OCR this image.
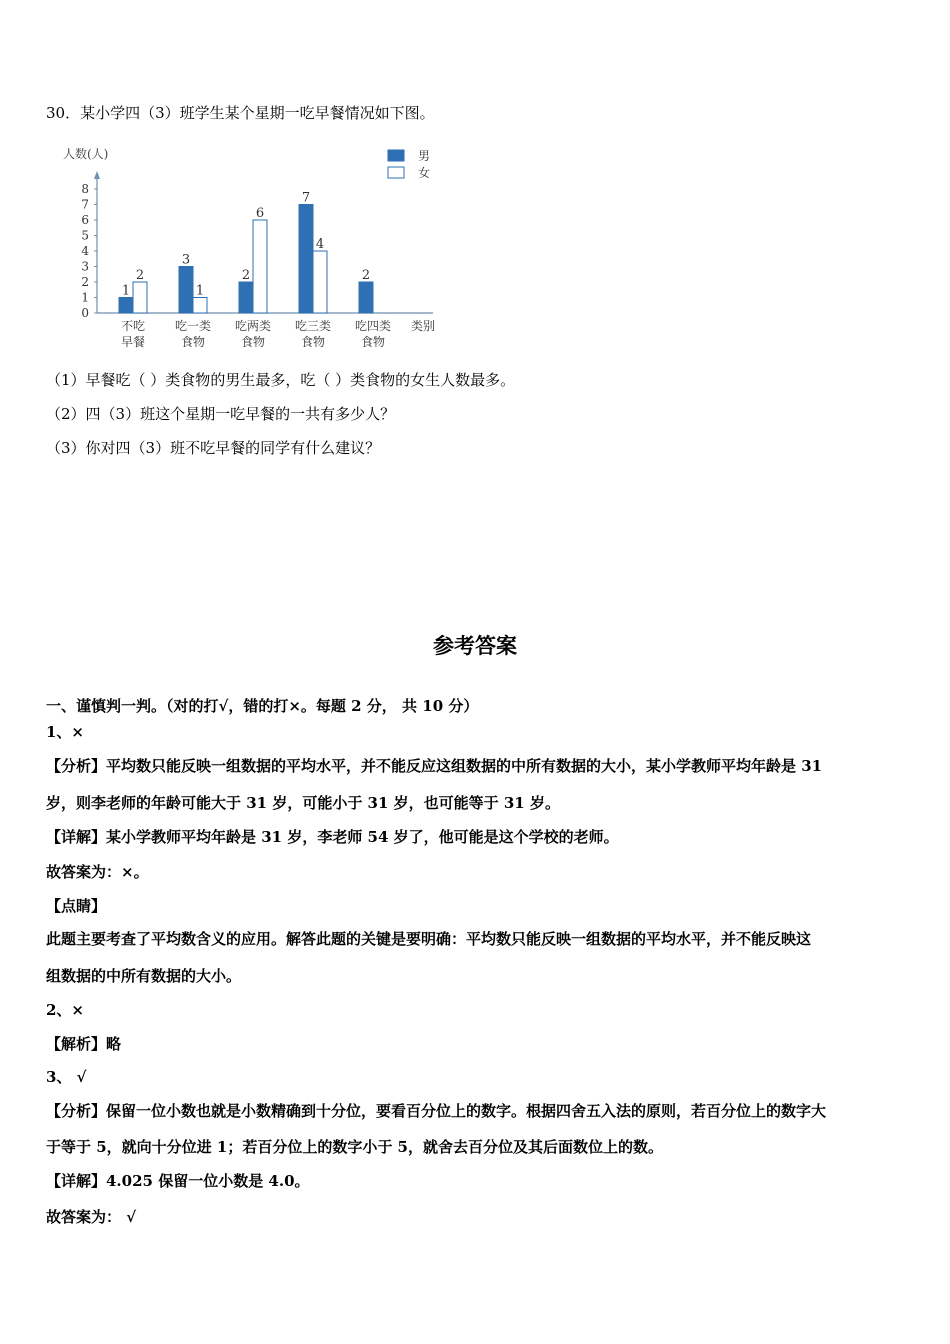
30．某小学四（3）班学生某个星期一吃早餐情况如下图。
人数(人)
0
1
2
3
4
5
6
7
8
男
女
1
2
不吃
早餐
3
1
吃一类
食物
2
6
吃两类
食物
7
4
吃三类
食物
2
吃四类
食物
类别
（1）早餐吃（ ）类食物的男生最多，吃（ ）类食物的女生人数最多。
（2）四（3）班这个星期一吃早餐的一共有多少人？
（3）你对四（3）班不吃早餐的同学有什么建议？
参考答案
一、谨慎判一判。（对的打√，错的打×。每题 2 分， 共 10 分）
1、×
【分析】平均数只能反映一组数据的平均水平，并不能反应这组数据的中所有数据的大小，某小学教师平均年龄是 31
岁，则李老师的年龄可能大于 31 岁，可能小于 31 岁，也可能等于 31 岁。
【详解】某小学教师平均年龄是 31 岁，李老师 54 岁了，他可能是这个学校的老师。
故答案为：×。
【点睛】
此题主要考查了平均数含义的应用。解答此题的关键是要明确：平均数只能反映一组数据的平均水平，并不能反映这
组数据的中所有数据的大小。
2、×
【解析】略
3、 √
【分析】保留一位小数也就是小数精确到十分位，要看百分位上的数字。根据四舍五入法的原则，若百分位上的数字大
于等于 5，就向十分位进 1；若百分位上的数字小于 5，就舍去百分位及其后面数位上的数。
【详解】4.025 保留一位小数是 4.0。
故答案为： √
